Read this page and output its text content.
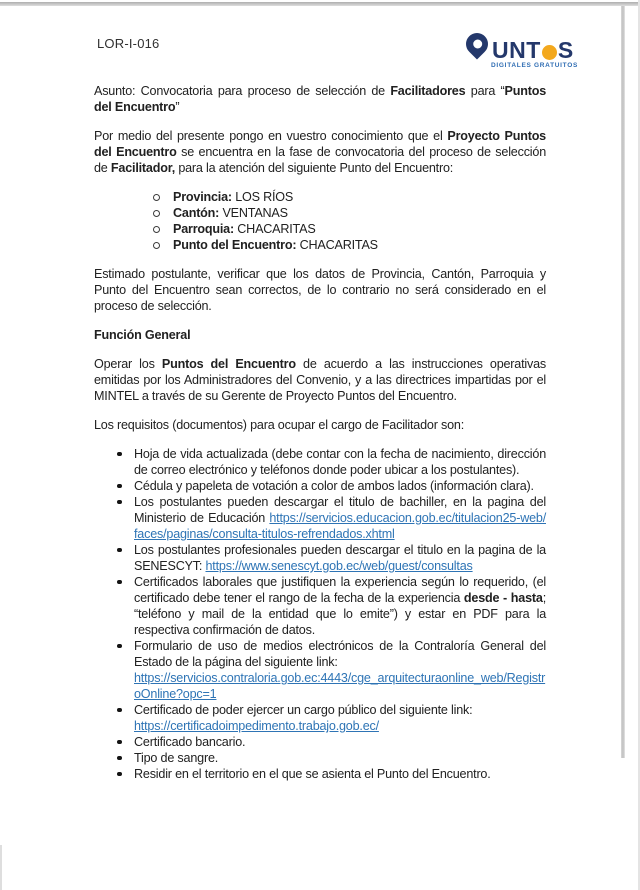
LOR-I-016	UNT S
DIGITALES GRATUITOS

Asunto: Convocatoria para proceso de selección de Facilitadores para “Puntos del Encuentro”

Por medio del presente pongo en vuestro conocimiento que el Proyecto Puntos del Encuentro se encuentra en la fase de convocatoria del proceso de selección de Facilitador, para la atención del siguiente Punto del Encuentro:

Provincia: LOS RÍOS
Cantón: VENTANAS
Parroquia: CHACARITAS
Punto del Encuentro: CHACARITAS

Estimado postulante, verificar que los datos de Provincia, Cantón, Parroquia y Punto del Encuentro sean correctos, de lo contrario no será considerado en el proceso de selección.

Función General

Operar los Puntos del Encuentro de acuerdo a las instrucciones operativas emitidas por los Administradores del Convenio, y a las directrices impartidas por el MINTEL a través de su Gerente de Proyecto Puntos del Encuentro.

Los requisitos (documentos) para ocupar el cargo de Facilitador son:

Hoja de vida actualizada (debe contar con la fecha de nacimiento, dirección de correo electrónico y teléfonos donde poder ubicar a los postulantes).
Cédula y papeleta de votación a color de ambos lados (información clara).
Los postulantes pueden descargar el titulo de bachiller, en la pagina del Ministerio de Educación https://servicios.educacion.gob.ec/titulacion25-web/faces/paginas/consulta-titulos-refrendados.xhtml
Los postulantes profesionales pueden descargar el titulo en la pagina de la SENESCYT: https://www.senescyt.gob.ec/web/guest/consultas
Certificados laborales que justifiquen la experiencia según lo requerido, (el certificado debe tener el rango de la fecha de la experiencia desde - hasta; “teléfono y mail de la entidad que lo emite”) y estar en PDF para la respectiva confirmación de datos.
Formulario de uso de medios electrónicos de la Contraloría General del Estado de la página del siguiente link:
https://servicios.contraloria.gob.ec:4443/cge_arquitecturaonline_web/RegistroOnline?opc=1
Certificado de poder ejercer un cargo público del siguiente link:
https://certificadoimpedimento.trabajo.gob.ec/
Certificado bancario.
Tipo de sangre.
Residir en el territorio en el que se asienta el Punto del Encuentro.
